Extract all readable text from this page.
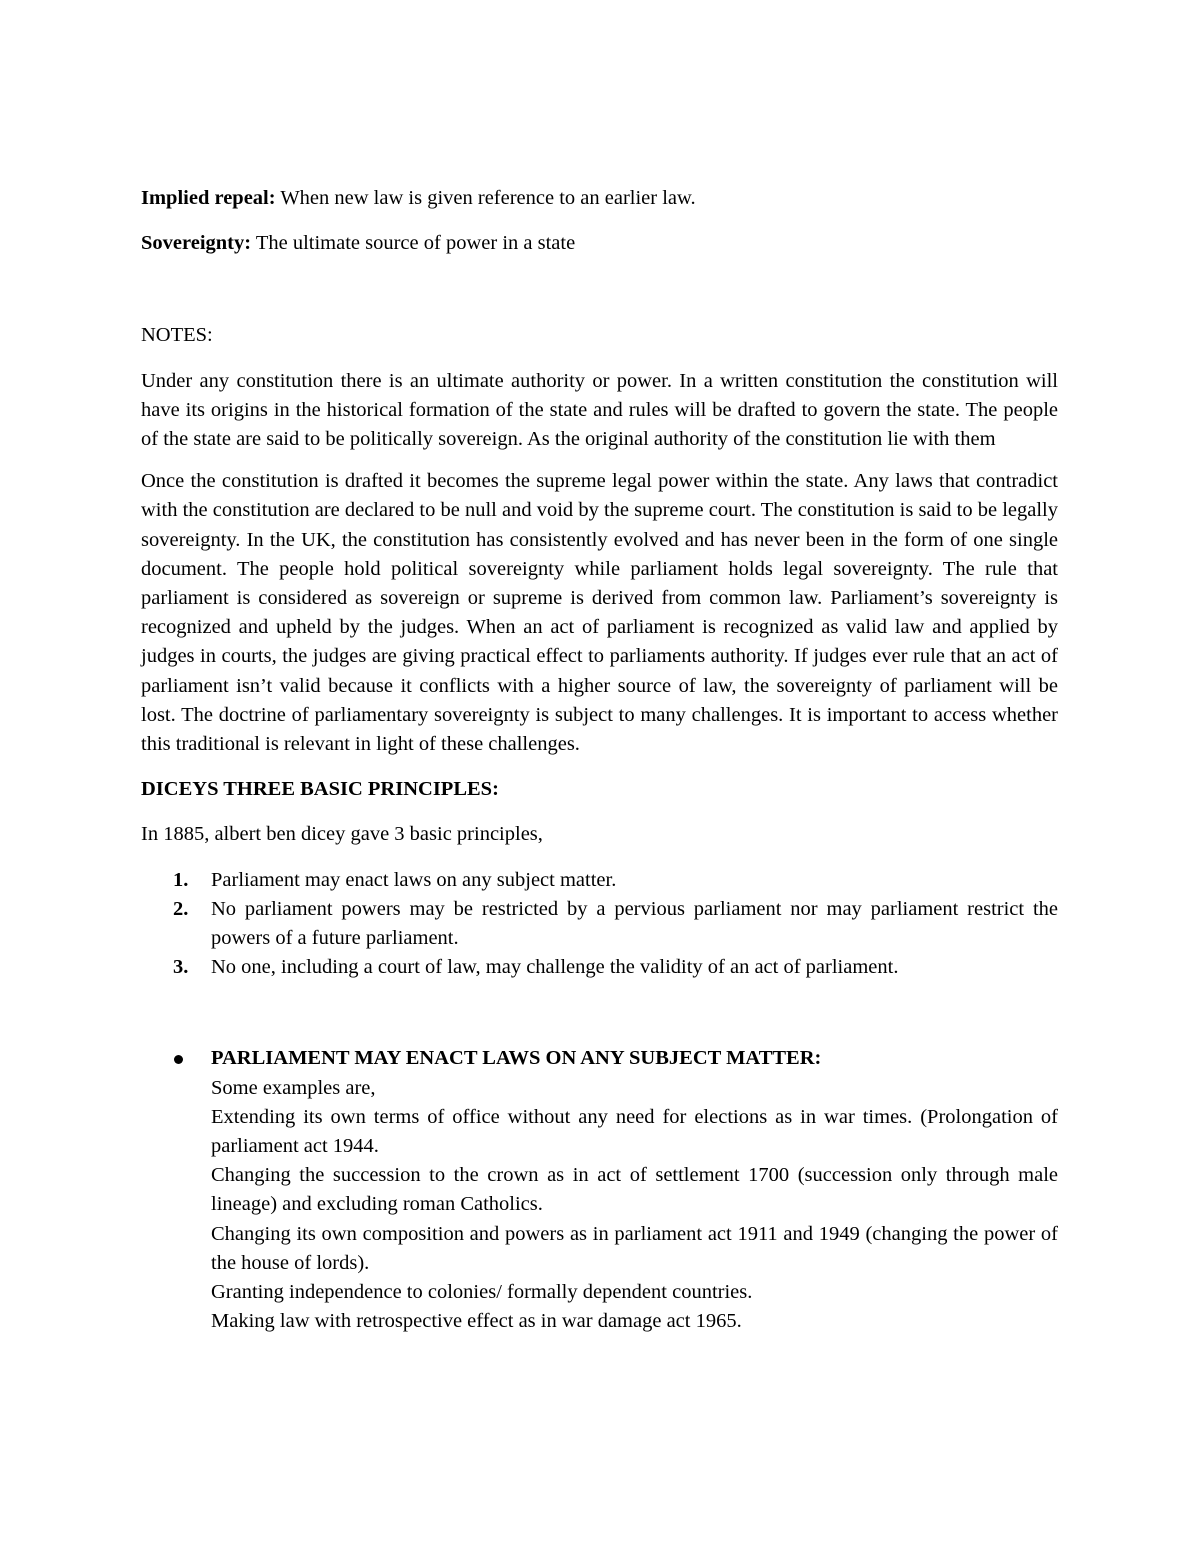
Implied repeal: When new law is given reference to an earlier law.

Sovereignty: The ultimate source of power in a state

NOTES:

Under any constitution there is an ultimate authority or power. In a written constitution the constitution will have its origins in the historical formation of the state and rules will be drafted to govern the state. The people of the state are said to be politically sovereign. As the original authority of the constitution lie with them

Once the constitution is drafted it becomes the supreme legal power within the state. Any laws that contradict with the constitution are declared to be null and void by the supreme court. The constitution is said to be legally sovereignty. In the UK, the constitution has consistently evolved and has never been in the form of one single document. The people hold political sovereignty while parliament holds legal sovereignty. The rule that parliament is considered as sovereign or supreme is derived from common law. Parliament’s sovereignty is recognized and upheld by the judges. When an act of parliament is recognized as valid law and applied by judges in courts, the judges are giving practical effect to parliaments authority. If judges ever rule that an act of parliament isn’t valid because it conflicts with a higher source of law, the sovereignty of parliament will be lost. The doctrine of parliamentary sovereignty is subject to many challenges. It is important to access whether this traditional is relevant in light of these challenges.

DICEYS THREE BASIC PRINCIPLES:

In 1885, albert ben dicey gave 3 basic principles,

1. Parliament may enact laws on any subject matter.
2. No parliament powers may be restricted by a pervious parliament nor may parliament restrict the powers of a future parliament.
3. No one, including a court of law, may challenge the validity of an act of parliament.
PARLIAMENT MAY ENACT LAWS ON ANY SUBJECT MATTER:
Some examples are,
Extending its own terms of office without any need for elections as in war times. (Prolongation of parliament act 1944.
Changing the succession to the crown as in act of settlement 1700 (succession only through male lineage) and excluding roman Catholics.
Changing its own composition and powers as in parliament act 1911 and 1949 (changing the power of the house of lords).
Granting independence to colonies/ formally dependent countries.
Making law with retrospective effect as in war damage act 1965.
